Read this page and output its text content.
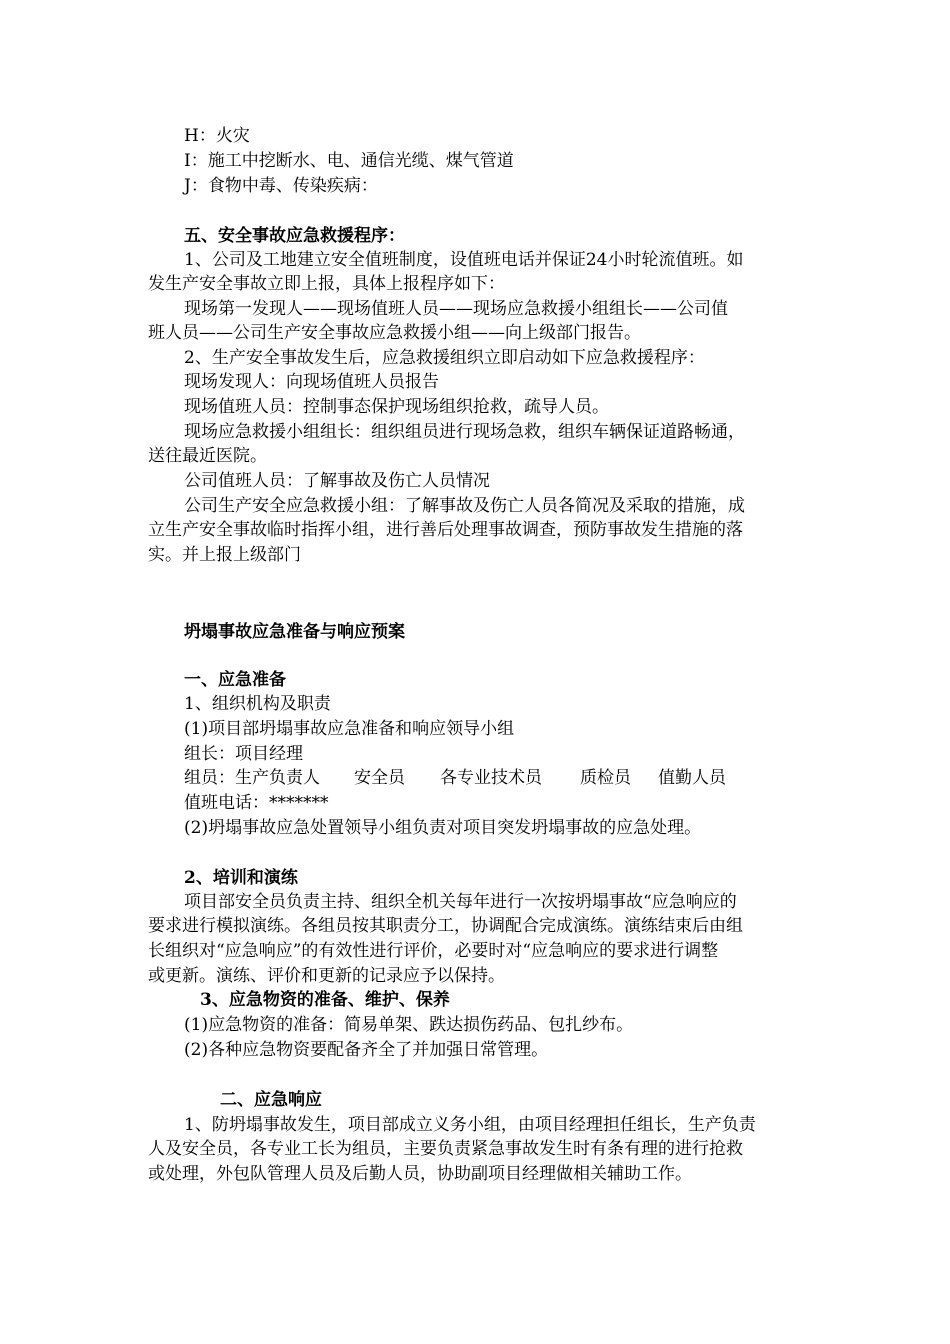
H：火灾
I：施工中挖断水、电、通信光缆、煤气管道
J：食物中毒、传染疾病：
五、安全事故应急救援程序：
1、公司及工地建立安全值班制度，设值班电话并保证24小时轮流值班。如
发生产安全事故立即上报，具体上报程序如下：
现场第一发现人——现场值班人员——现场应急救援小组组长——公司值
班人员——公司生产安全事故应急救援小组——向上级部门报告。
2、生产安全事故发生后，应急救援组织立即启动如下应急救援程序：
现场发现人：向现场值班人员报告
现场值班人员：控制事态保护现场组织抢救，疏导人员。
现场应急救援小组组长：组织组员进行现场急救，组织车辆保证道路畅通，
送往最近医院。
公司值班人员：了解事故及伤亡人员情况
公司生产安全应急救援小组：了解事故及伤亡人员各简况及采取的措施，成
立生产安全事故临时指挥小组，进行善后处理事故调查，预防事故发生措施的落
实。并上报上级部门
坍塌事故应急准备与响应预案
一、应急准备
1、组织机构及职责
(1)项目部坍塌事故应急准备和响应领导小组
组长：项目经理
组员：生产负责人 安全员 各专业技术员 质检员 值勤人员
值班电话：*******
(2)坍塌事故应急处置领导小组负责对项目突发坍塌事故的应急处理。
2、培训和演练
项目部安全员负责主持、组织全机关每年进行一次按坍塌事故“应急响应的
要求进行模拟演练。各组员按其职责分工，协调配合完成演练。演练结束后由组
长组织对“应急响应”的有效性进行评价，必要时对“应急响应的要求进行调整
或更新。演练、评价和更新的记录应予以保持。
3、应急物资的准备、维护、保养
(1)应急物资的准备：简易单架、跌达损伤药品、包扎纱布。
(2)各种应急物资要配备齐全了并加强日常管理。
二、应急响应
1、防坍塌事故发生，项目部成立义务小组，由项目经理担任组长，生产负责
人及安全员，各专业工长为组员，主要负责紧急事故发生时有条有理的进行抢救
或处理，外包队管理人员及后勤人员，协助副项目经理做相关辅助工作。
